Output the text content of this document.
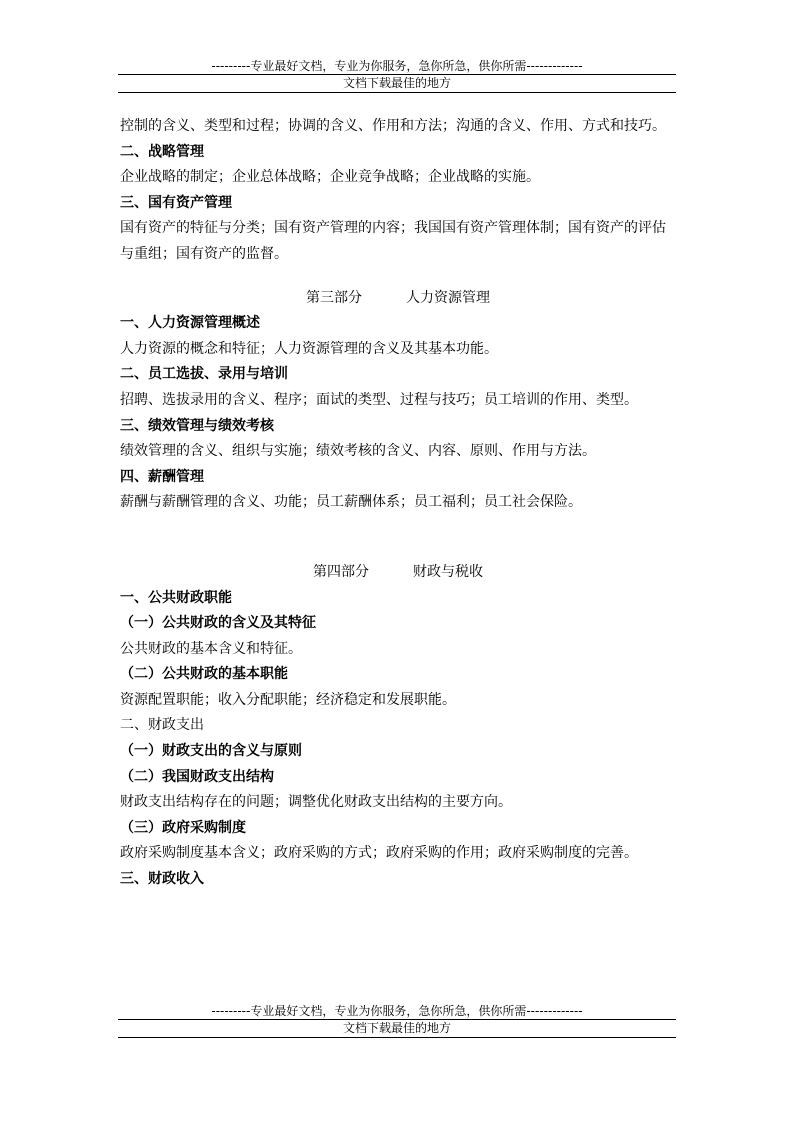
---------专业最好文档，专业为你服务，急你所急，供你所需-------------
文档下载最佳的地方

控制的含义、类型和过程；协调的含义、作用和方法；沟通的含义、作用、方式和技巧。

二、战略管理

企业战略的制定；企业总体战略；企业竞争战略；企业战略的实施。

三、国有资产管理

国有资产的特征与分类；国有资产管理的内容；我国国有资产管理体制；国有资产的评估与重组；国有资产的监督。

第三部分	人力资源管理

一、人力资源管理概述

人力资源的概念和特征；人力资源管理的含义及其基本功能。

二、员工选拔、录用与培训

招聘、选拔录用的含义、程序；面试的类型、过程与技巧；员工培训的作用、类型。

三、绩效管理与绩效考核

绩效管理的含义、组织与实施；绩效考核的含义、内容、原则、作用与方法。

四、薪酬管理

薪酬与薪酬管理的含义、功能；员工薪酬体系；员工福利；员工社会保险。

第四部分	财政与税收

一、公共财政职能

（一）公共财政的含义及其特征

公共财政的基本含义和特征。

（二）公共财政的基本职能

资源配置职能；收入分配职能；经济稳定和发展职能。

二、财政支出

（一）财政支出的含义与原则

（二）我国财政支出结构

财政支出结构存在的问题；调整优化财政支出结构的主要方向。

（三）政府采购制度

政府采购制度基本含义；政府采购的方式；政府采购的作用；政府采购制度的完善。

三、财政收入

---------专业最好文档，专业为你服务，急你所急，供你所需-------------
文档下载最佳的地方
